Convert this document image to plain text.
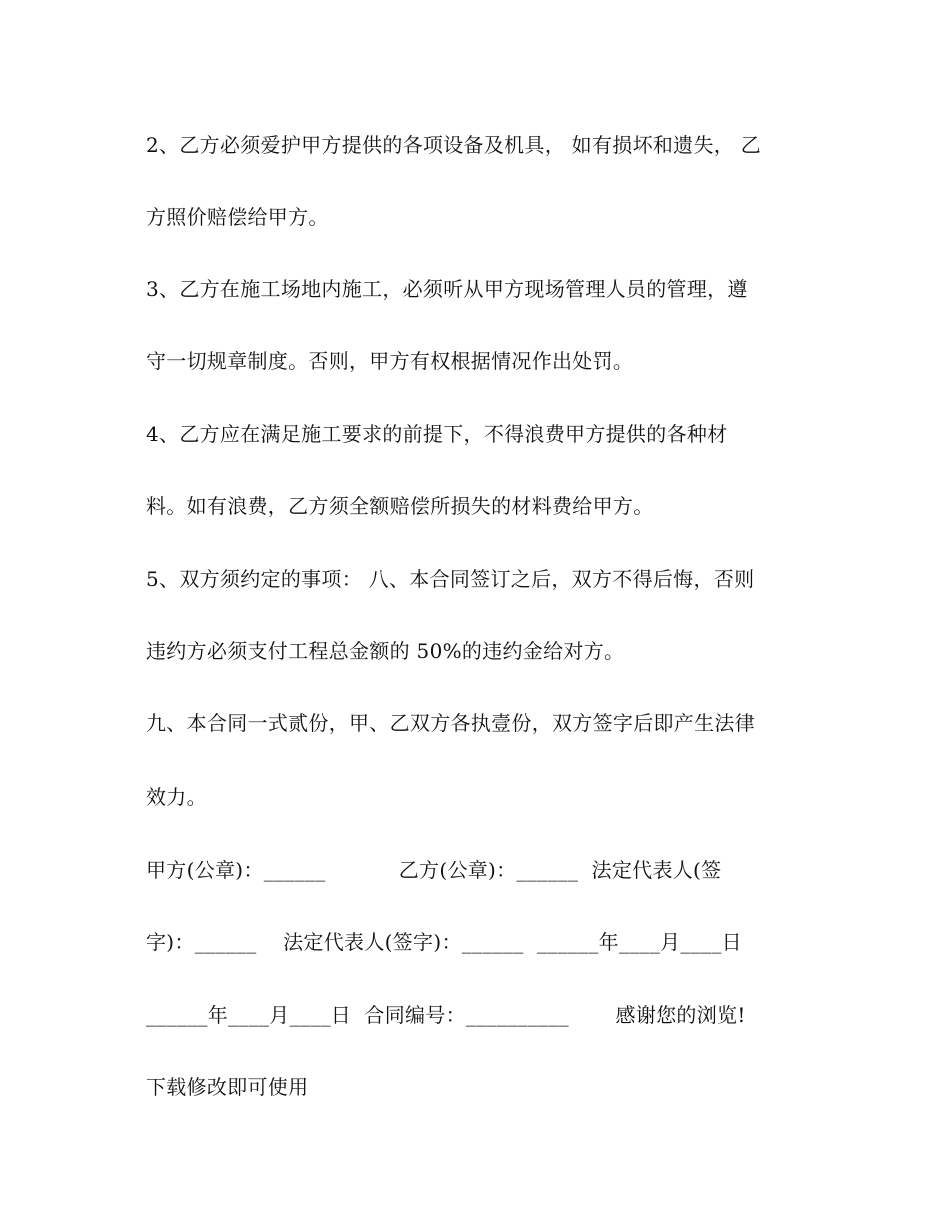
2、乙方必须爱护甲方提供的各项设备及机具， 如有损坏和遗失， 乙
方照价赔偿给甲方。
3、乙方在施工场地内施工，必须听从甲方现场管理人员的管理，遵
守一切规章制度。否则，甲方有权根据情况作出处罚。
4、乙方应在满足施工要求的前提下，不得浪费甲方提供的各种材
料。如有浪费，乙方须全额赔偿所损失的材料费给甲方。
5、双方须约定的事项： 八、本合同签订之后，双方不得后悔，否则
违约方必须支付工程总金额的 50%的违约金给对方。
九、本合同一式贰份，甲、乙双方各执壹份，双方签字后即产生法律
效力。
甲方(公章)：______           乙方(公章)：______  法定代表人(签
字)：______    法定代表人(签字)：______  ______年____月____日
______年____月____日  合同编号：__________       感谢您的浏览!
下载修改即可使用
